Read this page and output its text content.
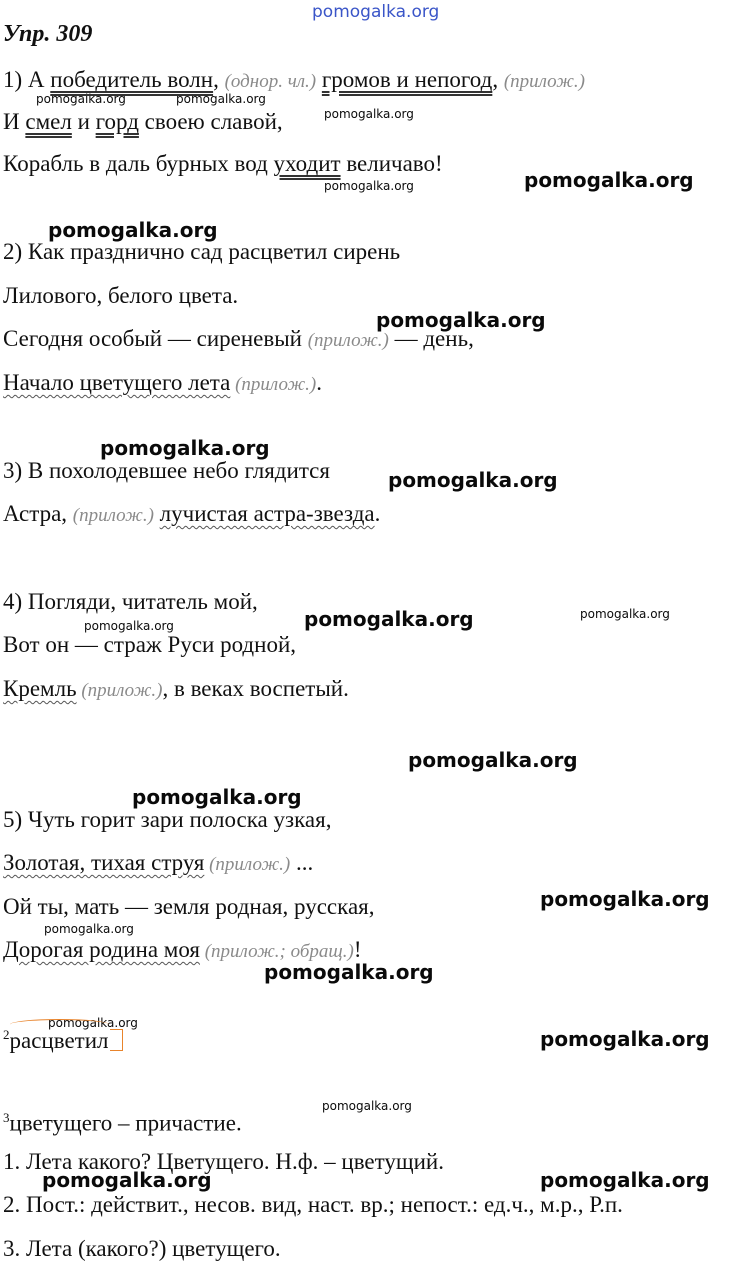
pomogalka.org
pomogalka.org	pomogalka.org
pomogalka.org
pomogalka.org	pomogalka.org
pomogalka.org
pomogalka.org
pomogalka.org
pomogalka.org
pomogalka.org	pomogalka.org
pomogalka.org
pomogalka.org
pomogalka.org
pomogalka.org
pomogalka.org
pomogalka.org
pomogalka.org
pomogalka.org
pomogalka.org
pomogalka.org	pomogalka.org
Упр. 309
1) А победитель волн, (однор. чл.) громов и непогод, (прилож.)
И смел и горд своею славой,
Корабль в даль бурных вод уходит величаво!
2) Как празднично сад расцветил сирень
Лилового, белого цвета.
Сегодня особый — сиреневый (прилож.) — день,
Начало цветущего лета (прилож.).
3) В похолодевшее небо глядится
Астра, (прилож.) лучистая астра-звезда.
4) Погляди, читатель мой,
Вот он — страж Руси родной,
Кремль (прилож.), в веках воспетый.
5) Чуть горит зари полоска узкая,
Золотая, тихая струя (прилож.) ...
Ой ты, мать — земля родная, русская,
Дорогая родина моя (прилож.; обращ.)!
$^2$расцветил
$^3$цветущего – причастие.
1. Лета какого? Цветущего. Н.ф. – цветущий.
2. Пост.: действит., несов. вид, наст. вр.; непост.: ед.ч., м.р., Р.п.
3. Лета (какого?) цветущего.
